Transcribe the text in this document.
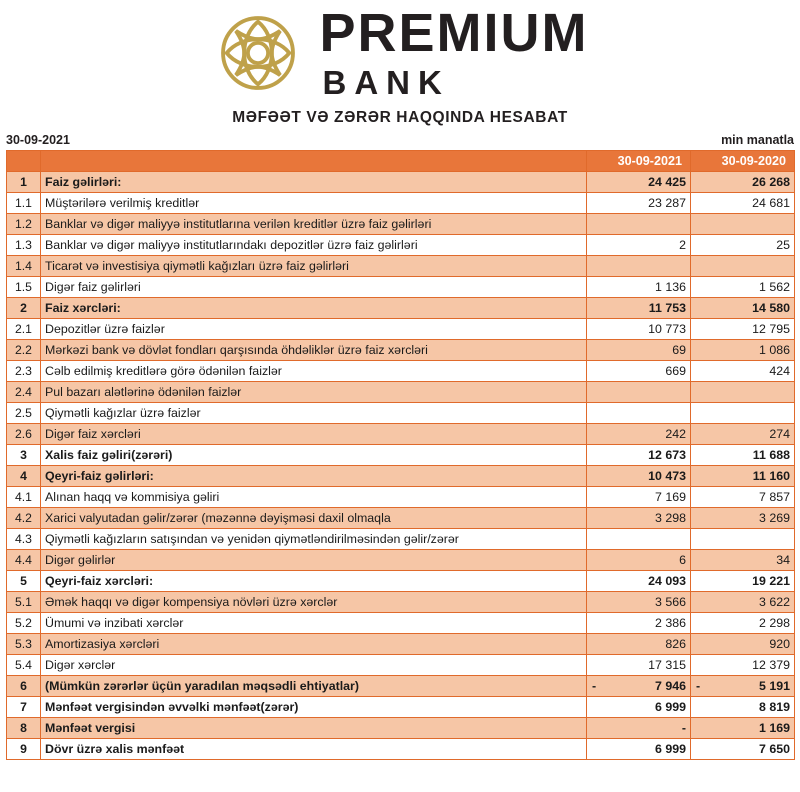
PREMIUM
BANK
MƏFƏƏT VƏ ZƏRƏR HAQQINDA HESABAT
30-09-2021	min manatla
		30-09-2021	30-09-2020
1	Faiz gəlirləri:	24 425	26 268
1.1	Müştərilərə verilmiş kreditlər	23 287	24 681
1.2	Banklar və digər maliyyə institutlarına verilən kreditlər üzrə faiz gəlirləri		
1.3	Banklar və digər maliyyə institutlarındakı depozitlər üzrə faiz gəlirləri	2	25
1.4	Ticarət və investisiya qiymətli kağızları üzrə faiz gəlirləri		
1.5	Digər faiz gəlirləri	1 136	1 562
2	Faiz xərcləri:	11 753	14 580
2.1	Depozitlər üzrə faizlər	10 773	12 795
2.2	Mərkəzi bank və dövlət fondları qarşısında öhdəliklər üzrə faiz xərcləri	69	1 086
2.3	Cəlb edilmiş kreditlərə görə ödənilən faizlər	669	424
2.4	Pul bazarı alətlərinə ödənilən faizlər		
2.5	Qiymətli kağızlar üzrə faizlər		
2.6	Digər faiz xərcləri	242	274
3	Xalis faiz gəliri(zərəri)	12 673	11 688
4	Qeyri-faiz gəlirləri:	10 473	11 160
4.1	Alınan haqq və kommisiya gəliri	7 169	7 857
4.2	Xarici valyutadan gəlir/zərər (məzənnə dəyişməsi daxil olmaqla	3 298	3 269
4.3	Qiymətli kağızların satışından və yenidən qiymətləndirilməsindən gəlir/zərər		
4.4	Digər gəlirlər	6	34
5	Qeyri-faiz xərcləri:	24 093	19 221
5.1	Əmək haqqı və digər kompensiya növləri üzrə xərclər	3 566	3 622
5.2	Ümumi və inzibati xərclər	2 386	2 298
5.3	Amortizasiya xərcləri	826	920
5.4	Digər xərclər	17 315	12 379
6	(Mümkün zərərlər üçün yaradılan məqsədli ehtiyatlar)	- 7 946	- 5 191
7	Mənfəət vergisindən əvvəlki mənfəət(zərər)	6 999	8 819
8	Mənfəət vergisi	-	1 169
9	Dövr üzrə xalis mənfəət	6 999	7 650
